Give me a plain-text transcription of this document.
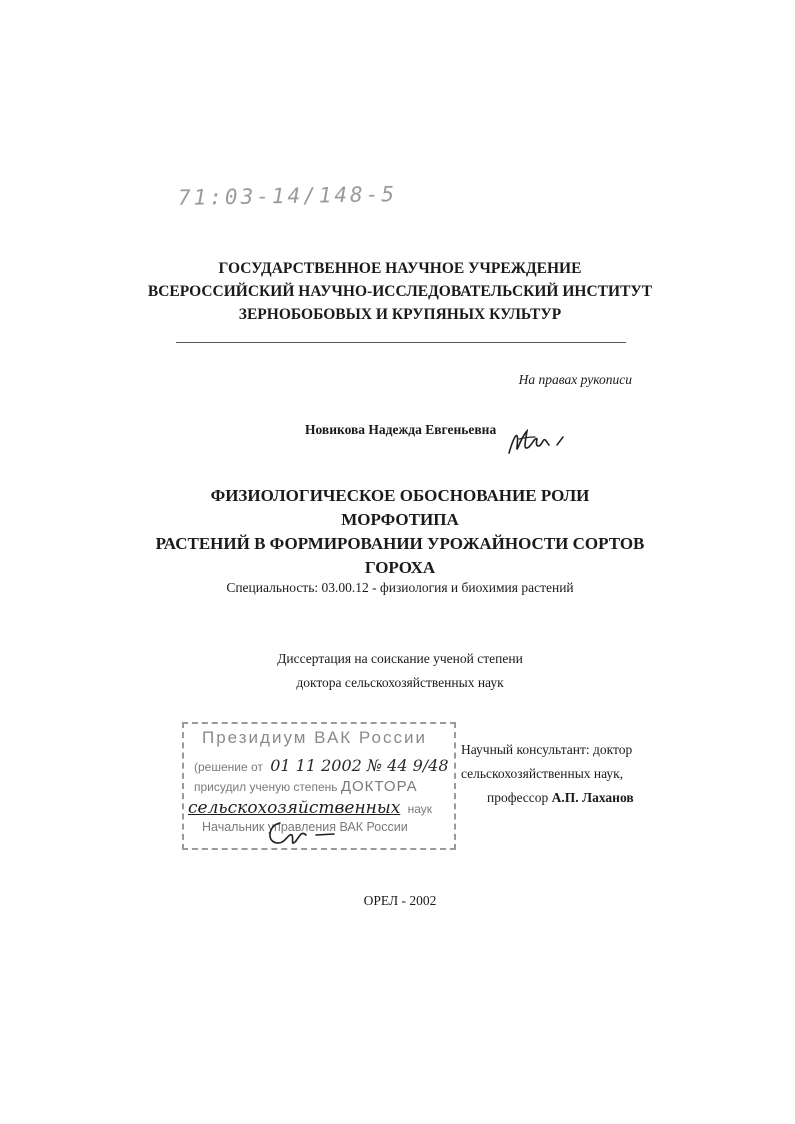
71:03-14/148-5
ГОСУДАРСТВЕННОЕ НАУЧНОЕ УЧРЕЖДЕНИЕ
ВСЕРОССИЙСКИЙ НАУЧНО-ИССЛЕДОВАТЕЛЬСКИЙ ИНСТИТУТ
ЗЕРНОБОБОВЫХ И КРУПЯНЫХ КУЛЬТУР
На правах рукописи
Новикова Надежда Евгеньевна
ФИЗИОЛОГИЧЕСКОЕ ОБОСНОВАНИЕ РОЛИ МОРФОТИПА
РАСТЕНИЙ В ФОРМИРОВАНИИ УРОЖАЙНОСТИ СОРТОВ
ГОРОХА
Специальность: 03.00.12 - физиология и биохимия растений
Диссертация на соискание ученой степени
доктора сельскохозяйственных наук
Президиум ВАК России
(решение от 01 11 2002 № 44 9/48
присудил ученую степень ДОКТОРА
сельскохозяйственных наук
Начальник управления ВАК России
Научный консультант: доктор
сельскохозяйственных наук,
профессор А.П. Лаханов
ОРЕЛ - 2002
